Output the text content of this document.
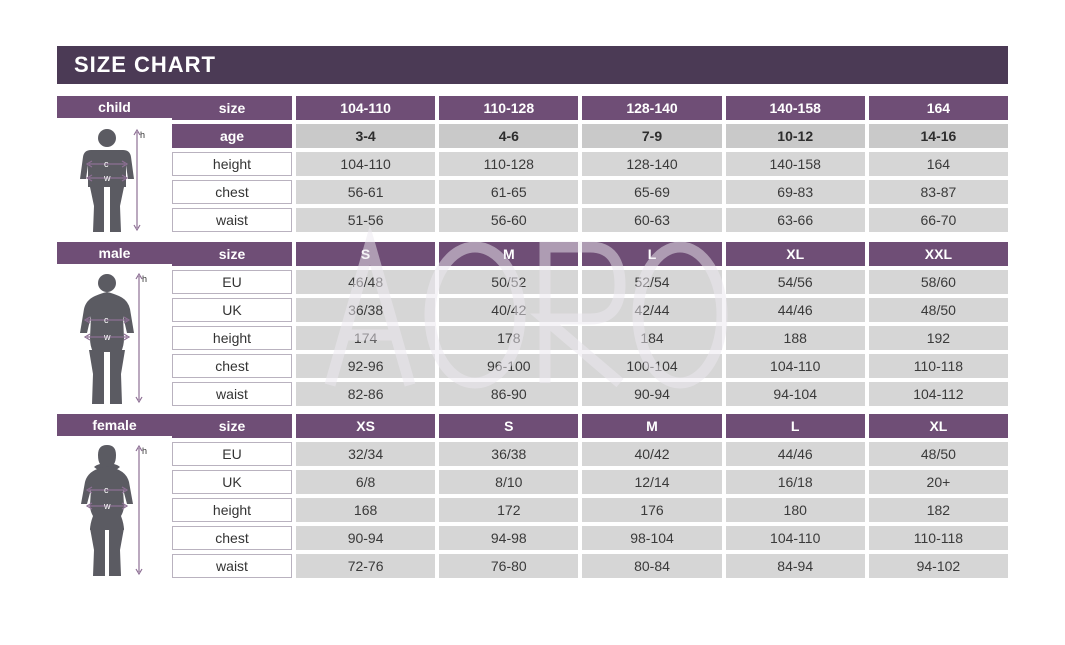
SIZE CHART
child
c
w
h
size	104-110	110-128	128-140	140-158	164
age	3-4	4-6	7-9	10-12	14-16
height	104-110	110-128	128-140	140-158	164
chest	56-61	61-65	65-69	69-83	83-87
waist	51-56	56-60	60-63	63-66	66-70
male
c
w
h
size	S	M	L	XL	XXL
EU	46/48	50/52	52/54	54/56	58/60
UK	36/38	40/42	42/44	44/46	48/50
height	174	178	184	188	192
chest	92-96	96-100	100-104	104-110	110-118
waist	82-86	86-90	90-94	94-104	104-112
female
c
w
h
size	XS	S	M	L	XL
EU	32/34	36/38	40/42	44/46	48/50
UK	6/8	8/10	12/14	16/18	20+
height	168	172	176	180	182
chest	90-94	94-98	98-104	104-110	110-118
waist	72-76	76-80	80-84	84-94	94-102
